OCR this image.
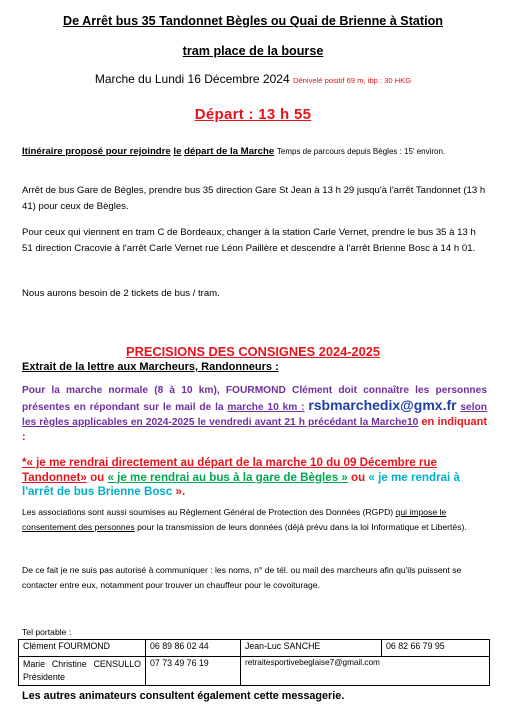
De Arrêt bus 35 Tandonnet Bègles ou Quai de Brienne à Station
tram place de la bourse
Marche du Lundi 16 Décembre 2024 Dénivelé positif 69 m, ibp : 30 HKG
Départ : 13 h 55
Itinéraire proposé pour rejoindre le départ de la Marche Temps de parcours depuis Bègles : 15' environ.
Arrêt de bus Gare de Bègles, prendre bus 35 direction Gare St Jean à 13 h 29 jusqu'à l'arrêt Tandonnet (13 h 41) pour ceux de Bègles.
Pour ceux qui viennent en tram C de Bordeaux, changer à la station Carle Vernet, prendre le bus 35 à 13 h 51 direction Cracovie à l'arrêt Carle Vernet rue Léon Paillère et descendre à l'arrêt Brienne Bosc à 14 h 01.
Nous aurons besoin de 2 tickets de bus / tram.
PRECISIONS DES CONSIGNES 2024-2025
Extrait de la lettre aux Marcheurs, Randonneurs :
Pour la marche normale (8 à 10 km), FOURMOND Clément doit connaître les personnes présentes en répondant sur le mail de la marche 10 km : rsbmarchedix@gmx.fr selon les règles applicables en 2024-2025 le vendredi avant 21 h précédant la Marche10 en indiquant :
*« je me rendrai directement au départ de la marche 10 du 09 Décembre rue Tandonnet» ou « je me rendrai au bus à la gare de Bègles » ou « je me rendrai à l'arrêt de bus Brienne Bosc ».
Les associations sont aussi soumises au Règlement Général de Protection des Données (RGPD) qui impose le consentement des personnes pour la transmission de leurs données (déjà prévu dans la loi Informatique et Libertés).
De ce fait je ne suis pas autorisé à communiquer : les noms, n° de tél. ou mail des marcheurs afin qu'ils puissent se contacter entre eux, notamment pour trouver un chauffeur pour le covoiturage.
Tel portable :
Clément FOURMOND	06 89 86 02 44	Jean-Luc SANCHE	06 82 66 79 95

Marie Christine CENSULLO
Présidente	07 73 49 76 19	retraitesportivebeglaise7@gmail.com	
Les autres animateurs consultent également cette messagerie.
